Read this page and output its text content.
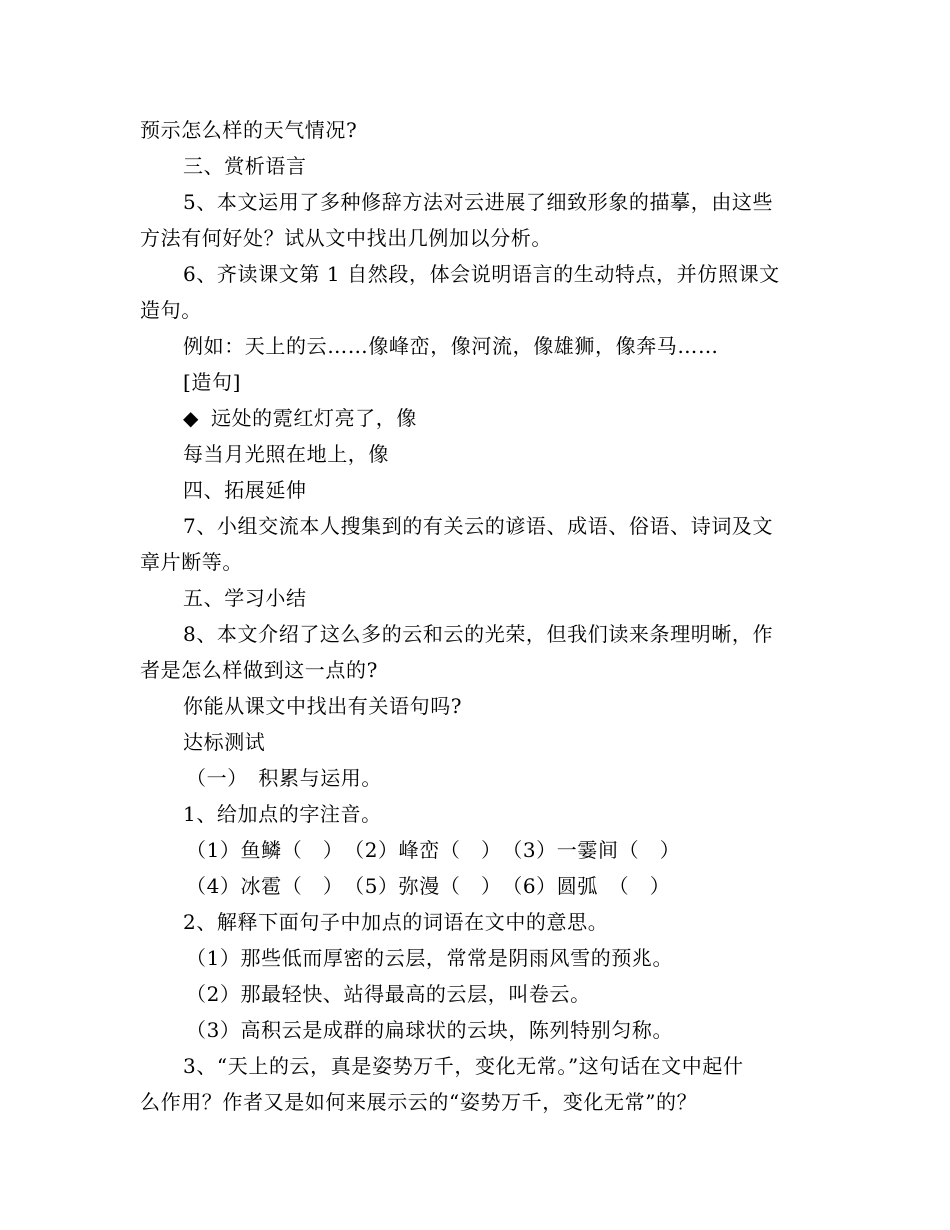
预示怎么样的天气情况?
三、赏析语言
5、本文运用了多种修辞方法对云进展了细致形象的描摹，由这些
方法有何好处？试从文中找出几例加以分析。
6、齐读课文第 1 自然段，体会说明语言的生动特点，并仿照课文
造句。
例如：天上的云……像峰峦，像河流，像雄狮，像奔马……
[造句]
◆ 远处的霓红灯亮了，像
每当月光照在地上，像
四、拓展延伸
7、小组交流本人搜集到的有关云的谚语、成语、俗语、诗词及文
章片断等。
五、学习小结
8、本文介绍了这么多的云和云的光荣，但我们读来条理明晰，作
者是怎么样做到这一点的?
你能从课文中找出有关语句吗?
达标测试
（一）　积累与运用。
1、给加点的字注音。
（1）鱼鳞（　）　（2）峰峦（　）　（3）一霎间（　）
（4）冰雹（　）　（5）弥漫（　）　（6）圆弧　（　）
2、解释下面句子中加点的词语在文中的意思。
（1）那些低而厚密的云层，常常是阴雨风雪的预兆。
（2）那最轻快、站得最高的云层，叫卷云。
（3）高积云是成群的扁球状的云块，陈列特别匀称。
3、“天上的云，真是姿势万千，变化无常。”这句话在文中起什
么作用？作者又是如何来展示云的“姿势万千，变化无常”的？
